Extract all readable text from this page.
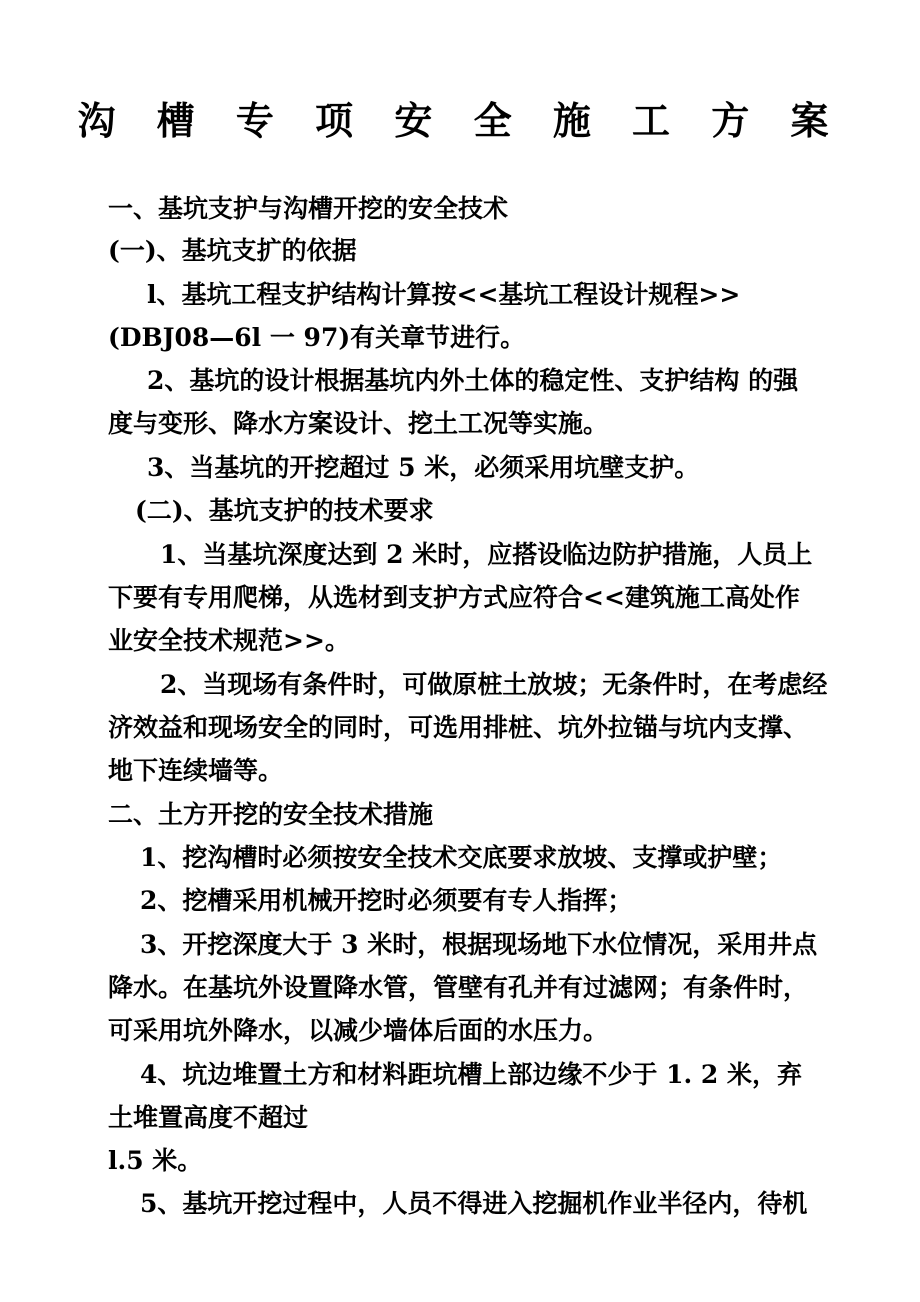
沟 槽 专 项 安 全 施 工 方 案
一、基坑支护与沟槽开挖的安全技术
(一)、基坑支扩的依据
l、基坑工程支护结构计算按<<基坑工程设计规程>>
(DBJ08—6l 一 97)有关章节进行。
2、基坑的设计根据基坑内外土体的稳定性、支护结构 的强
度与变形、降水方案设计、挖土工况等实施。
3、当基坑的开挖超过 5 米，必须采用坑壁支护。
(二)、基坑支护的技术要求
1、当基坑深度达到 2 米时，应搭设临边防护措施，人员上
下要有专用爬梯，从选材到支护方式应符合<<建筑施工高处作
业安全技术规范>>。
2、当现场有条件时，可做原桩土放坡；无条件时，在考虑经
济效益和现场安全的同时，可选用排桩、坑外拉锚与坑内支撑、
地下连续墙等。
二、土方开挖的安全技术措施
1、挖沟槽时必须按安全技术交底要求放坡、支撑或护壁；
2、挖槽采用机械开挖时必须要有专人指挥；
3、开挖深度大于 3 米时，根据现场地下水位情况，采用井点
降水。在基坑外设置降水管，管壁有孔并有过滤网；有条件时，
可采用坑外降水，以减少墙体后面的水压力。
4、坑边堆置土方和材料距坑槽上部边缘不少于 1. 2 米，弃
土堆置高度不超过
l.5 米。
5、基坑开挖过程中，人员不得进入挖掘机作业半径内，待机
